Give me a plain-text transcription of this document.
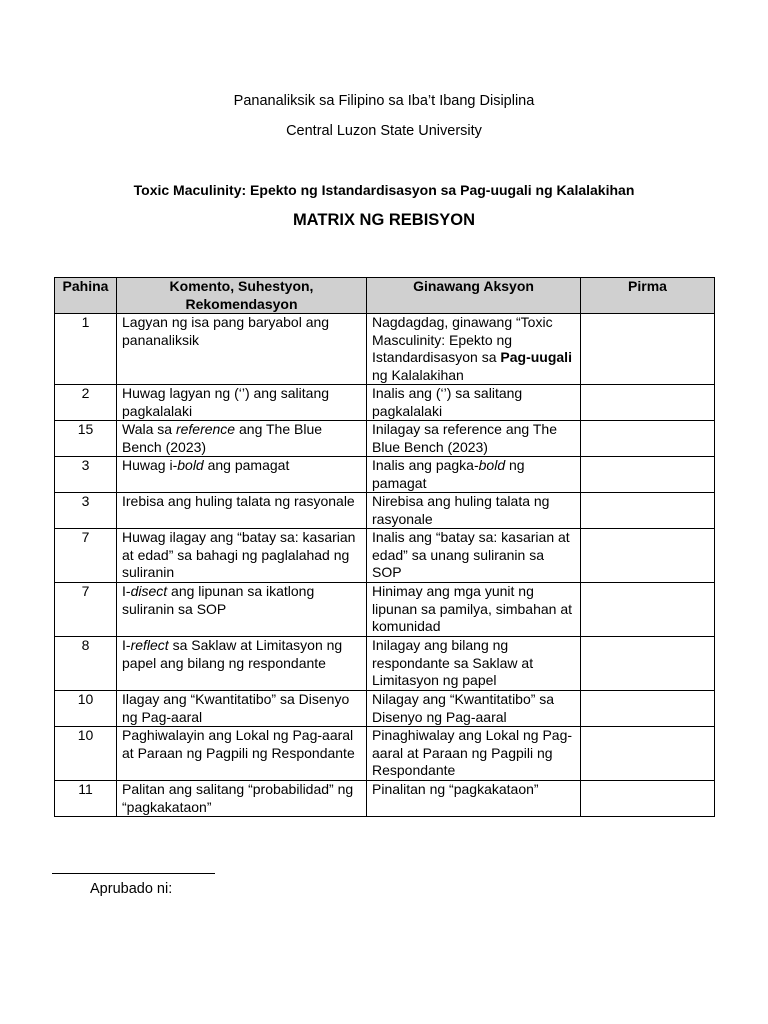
Pananaliksik sa Filipino sa Iba’t Ibang Disiplina
Central Luzon State University
Toxic Maculinity: Epekto ng Istandardisasyon sa Pag-uugali ng Kalalakihan
MATRIX NG REBISYON
Pahina	Komento, Suhestyon, Rekomendasyon	Ginawang Aksyon	Pirma
1	Lagyan ng isa pang baryabol ang pananaliksik	Nagdagdag, ginawang “Toxic Masculinity: Epekto ng Istandardisasyon sa Pag-uugali ng Kalalakihan	
2	Huwag lagyan ng (‘’) ang salitang pagkalalaki	Inalis ang (‘’) sa salitang pagkalalaki	
15	Wala sa reference ang The Blue Bench (2023)	Inilagay sa reference ang The Blue Bench (2023)	
3	Huwag i-bold ang pamagat	Inalis ang pagka-bold ng pamagat	
3	Irebisa ang huling talata ng rasyonale	Nirebisa ang huling talata ng rasyonale	
7	Huwag ilagay ang “batay sa: kasarian at edad” sa bahagi ng paglalahad ng suliranin	Inalis ang “batay sa: kasarian at edad” sa unang suliranin sa SOP	
7	I-disect ang lipunan sa ikatlong suliranin sa SOP	Hinimay ang mga yunit ng lipunan sa pamilya, simbahan at komunidad	
8	I-reflect sa Saklaw at Limitasyon ng papel ang bilang ng respondante	Inilagay ang bilang ng respondante sa Saklaw at Limitasyon ng papel	
10	Ilagay ang “Kwantitatibo” sa Disenyo ng Pag-aaral	Nilagay ang “Kwantitatibo” sa Disenyo ng Pag-aaral	
10	Paghiwalayin ang Lokal ng Pag-aaral at Paraan ng Pagpili ng Respondante	Pinaghiwalay ang Lokal ng Pag-aaral at Paraan ng Pagpili ng Respondante	
11	Palitan ang salitang “probabilidad” ng “pagkakataon”	Pinalitan ng “pagkakataon”	
Aprubado ni:
